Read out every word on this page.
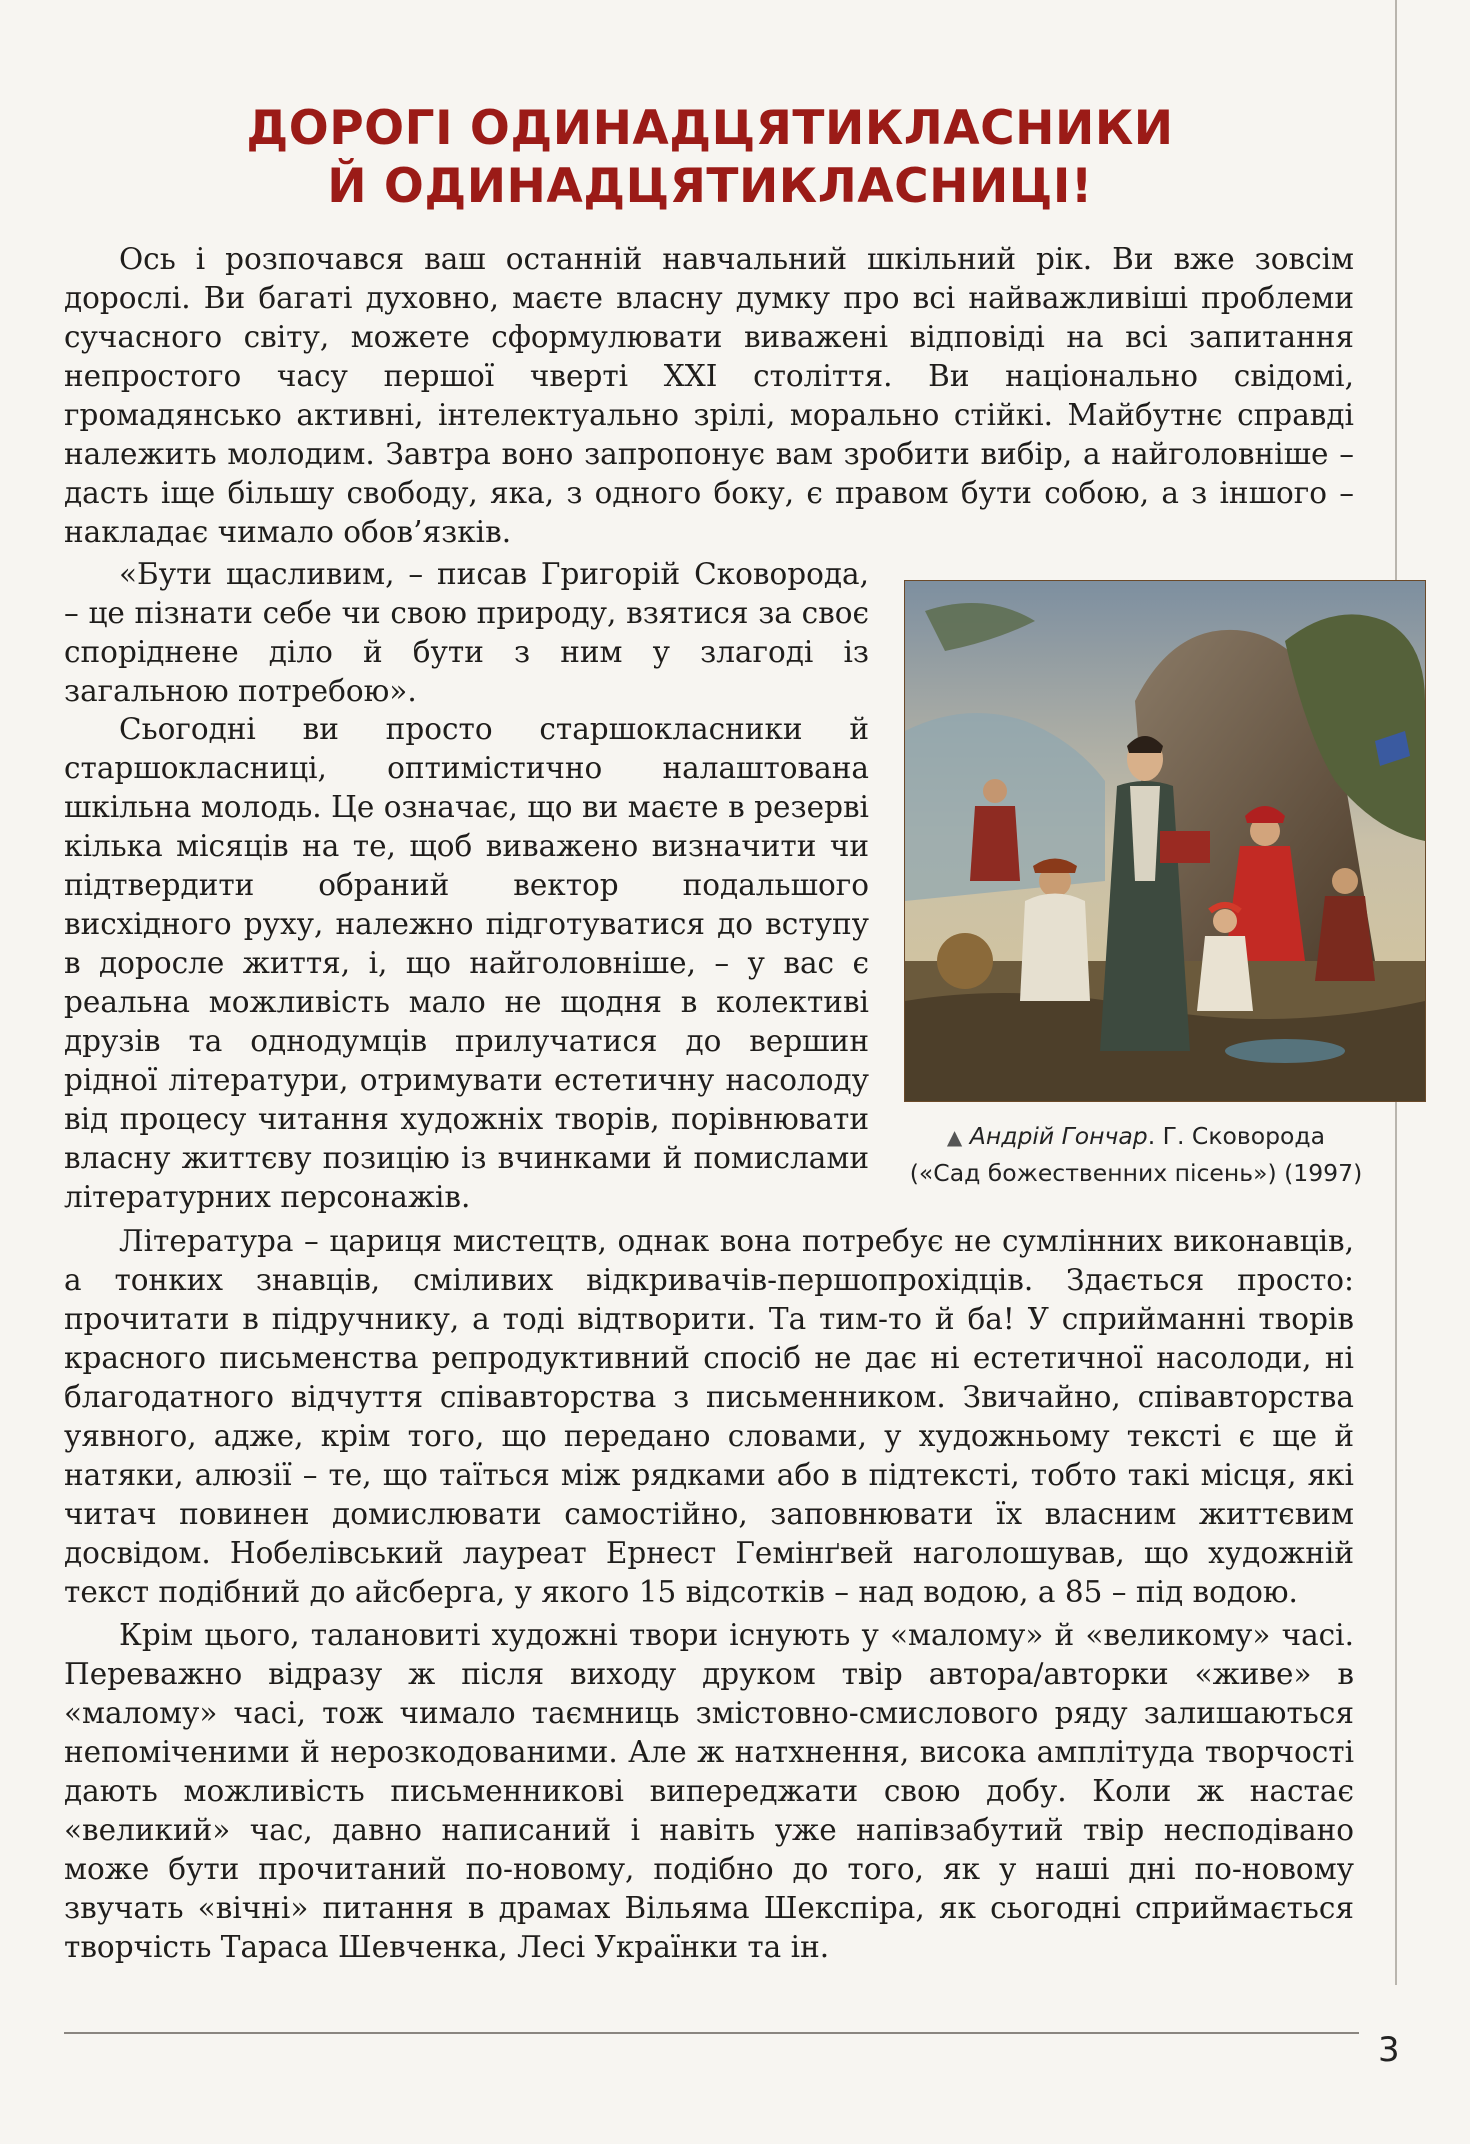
ДОРОГІ ОДИНАДЦЯТИКЛАСНИКИ
Й ОДИНАДЦЯТИКЛАСНИЦІ!

Ось і розпочався ваш останній навчальний шкільний рік. Ви вже зовсім дорослі. Ви багаті духовно, маєте власну думку про всі найважливіші проблеми сучасного світу, можете сформулювати виважені відповіді на всі запитання непростого часу першої чверті XXI століття. Ви національно свідомі, громадянсько активні, інтелектуально зрілі, морально стійкі. Майбутнє справді належить молодим. Завтра воно запропонує вам зробити вибір, а найголовніше – дасть іще більшу свободу, яка, з одного боку, є правом бути собою, а з іншого – накладає чимало обов’язків.

«Бути щасливим, – писав Григорій Сковорода, – це пізнати себе чи свою природу, взятися за своє споріднене діло й бути з ним у злагоді із загальною потребою».

Сьогодні ви просто старшокласники й старшокласниці, оптимістично налаштована шкільна молодь. Це означає, що ви маєте в резерві кілька місяців на те, щоб виважено визначити чи підтвердити обраний вектор подальшого висхідного руху, належно підготуватися до вступу в доросле життя, і, що найголовніше, – у вас є реальна можливість мало не щодня в колективі друзів та однодумців прилучатися до вершин рідної літератури, отримувати естетичну насолоду від процесу читання художніх творів, порівнювати власну життєву позицію із вчинками й помислами літературних персонажів.

▲ Андрій Гончар. Г. Сковорода
(«Сад божественних пісень») (1997)

Література – цариця мистецтв, однак вона потребує не сумлінних виконавців, а тонких знавців, сміливих відкривачів-першопрохідців. Здається просто: прочитати в підручнику, а тоді відтворити. Та тим-то й ба! У сприйманні творів красного письменства репродуктивний спосіб не дає ні естетичної насолоди, ні благодатного відчуття співавторства з письменником. Звичайно, співавторства уявного, адже, крім того, що передано словами, у художньому тексті є ще й натяки, алюзії – те, що таїться між рядками або в підтексті, тобто такі місця, які читач повинен домислювати самостійно, заповнювати їх власним життєвим досвідом. Нобелівський лауреат Ернест Гемінґвей наголошував, що художній текст подібний до айсберга, у якого 15 відсотків – над водою, а 85 – під водою.

Крім цього, талановиті художні твори існують у «малому» й «великому» часі. Переважно відразу ж після виходу друком твір автора/авторки «живе» в «малому» часі, тож чимало таємниць змістовно-смислового ряду залишаються непоміченими й нерозкодованими. Але ж натхнення, висока амплітуда творчості дають можливість письменникові випереджати свою добу. Коли ж настає «великий» час, давно написаний і навіть уже напівзабутий твір несподівано може бути прочитаний по-новому, подібно до того, як у наші дні по-новому звучать «вічні» питання в драмах Вільяма Шекспіра, як сьогодні сприймається творчість Тараса Шевченка, Лесі Українки та ін.

3
